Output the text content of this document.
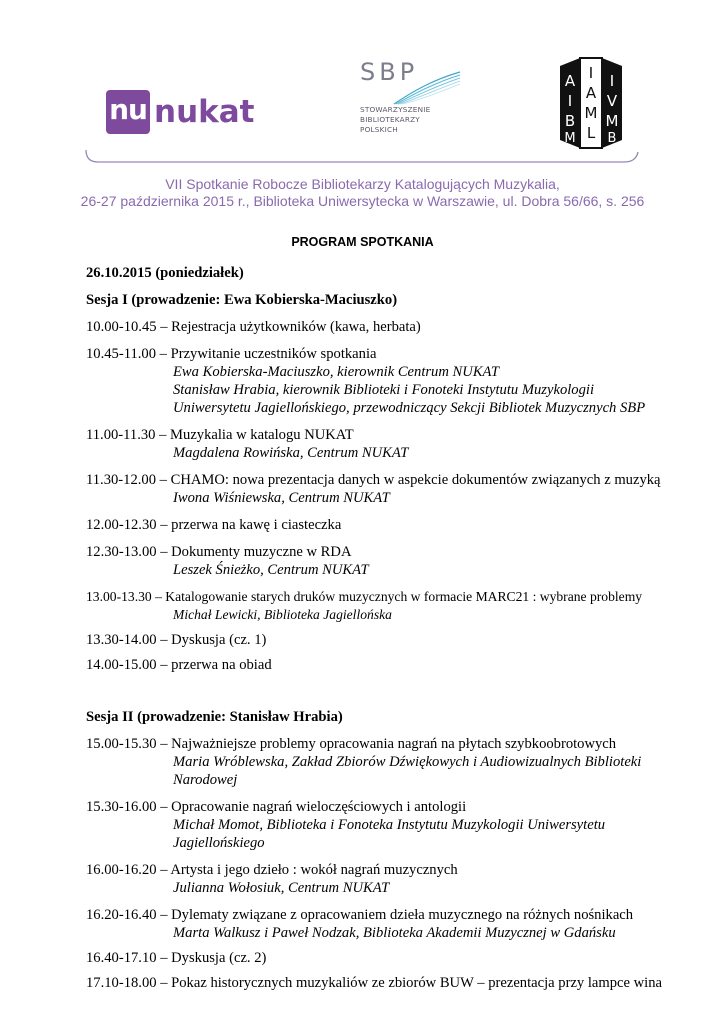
nu nukat
SBP
STOWARZYSZENIE
BIBLIOTEKARZY
POLSKICH
A
I
B
M
I
A
M
L
I
V
M
B
VII Spotkanie Robocze Bibliotekarzy Katalogujących Muzykalia,
26-27 października 2015 r., Biblioteka Uniwersytecka w Warszawie, ul. Dobra 56/66, s. 256
PROGRAM SPOTKANIA
26.10.2015 (poniedziałek)
Sesja I (prowadzenie: Ewa Kobierska-Maciuszko)
10.00-10.45 – Rejestracja użytkowników (kawa, herbata)
10.45-11.00 – Przywitanie uczestników spotkania
Ewa Kobierska-Maciuszko, kierownik Centrum NUKAT
Stanisław Hrabia, kierownik Biblioteki i Fonoteki Instytutu Muzykologii
Uniwersytetu Jagiellońskiego, przewodniczący Sekcji Bibliotek Muzycznych SBP
11.00-11.30 – Muzykalia w katalogu NUKAT
Magdalena Rowińska, Centrum NUKAT
11.30-12.00 – CHAMO: nowa prezentacja danych w aspekcie dokumentów związanych z muzyką
Iwona Wiśniewska, Centrum NUKAT
12.00-12.30 – przerwa na kawę i ciasteczka
12.30-13.00 – Dokumenty muzyczne w RDA
Leszek Śnieżko, Centrum NUKAT
13.00-13.30 – Katalogowanie starych druków muzycznych w formacie MARC21 : wybrane problemy
Michał Lewicki, Biblioteka Jagiellońska
13.30-14.00 – Dyskusja (cz. 1)
14.00-15.00 – przerwa na obiad
Sesja II (prowadzenie: Stanisław Hrabia)
15.00-15.30 – Najważniejsze problemy opracowania nagrań na płytach szybkoobrotowych
Maria Wróblewska, Zakład Zbiorów Dźwiękowych i Audiowizualnych Biblioteki
Narodowej
15.30-16.00 – Opracowanie nagrań wieloczęściowych i antologii
Michał Momot, Biblioteka i Fonoteka Instytutu Muzykologii Uniwersytetu
Jagiellońskiego
16.00-16.20 – Artysta i jego dzieło : wokół nagrań muzycznych
Julianna Wołosiuk, Centrum NUKAT
16.20-16.40 – Dylematy związane z opracowaniem dzieła muzycznego na różnych nośnikach
Marta Walkusz i Paweł Nodzak, Biblioteka Akademii Muzycznej w Gdańsku
16.40-17.10 – Dyskusja (cz. 2)
17.10-18.00 – Pokaz historycznych muzykaliów ze zbiorów BUW – prezentacja przy lampce wina
